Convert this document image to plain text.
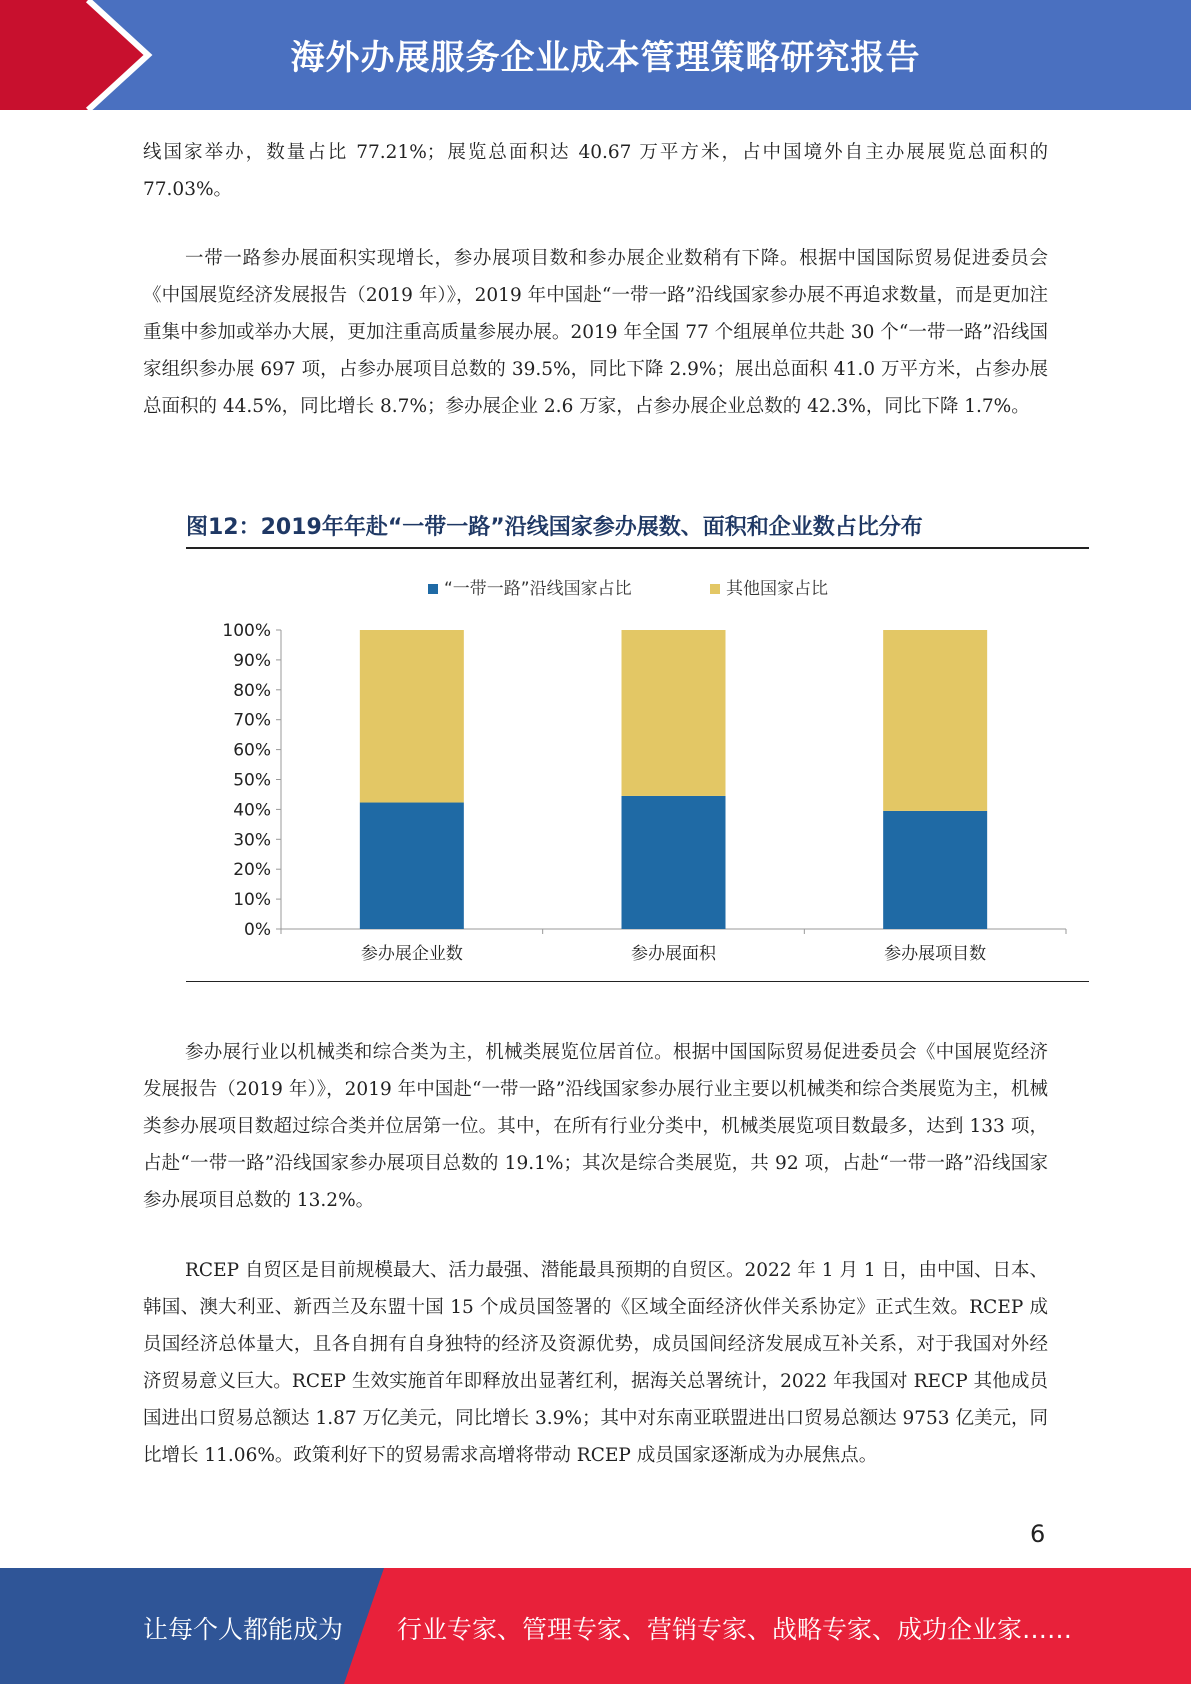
海外办展服务企业成本管理策略研究报告

线国家举办，数量占比 77.21%；展览总面积达 40.67 万平方米，占中国境外自主办展展览总面积的 77.03%。

一带一路参办展面积实现增长，参办展项目数和参办展企业数稍有下降。根据中国国际贸易促进委员会《中国展览经济发展报告（2019 年）》，2019 年中国赴“一带一路”沿线国家参办展不再追求数量，而是更加注重集中参加或举办大展，更加注重高质量参展办展。2019 年全国 77 个组展单位共赴 30 个“一带一路”沿线国家组织参办展 697 项，占参办展项目总数的 39.5%，同比下降 2.9%；展出总面积 41.0 万平方米，占参办展总面积的 44.5%，同比增长 8.7%；参办展企业 2.6 万家，占参办展企业总数的 42.3%，同比下降 1.7%。

图12：2019年年赴“一带一路”沿线国家参办展数、面积和企业数占比分布
“一带一路”沿线国家占比	其他国家占比
0%
10%
20%
30%
40%
50%
60%
70%
80%
90%
100%
参办展企业数	参办展面积	参办展项目数

参办展行业以机械类和综合类为主，机械类展览位居首位。根据中国国际贸易促进委员会《中国展览经济发展报告（2019 年）》，2019 年中国赴“一带一路”沿线国家参办展行业主要以机械类和综合类展览为主，机械类参办展项目数超过综合类并位居第一位。其中，在所有行业分类中，机械类展览项目数最多，达到 133 项，占赴“一带一路”沿线国家参办展项目总数的 19.1%；其次是综合类展览，共 92 项，占赴“一带一路”沿线国家参办展项目总数的 13.2%。

RCEP 自贸区是目前规模最大、活力最强、潜能最具预期的自贸区。2022 年 1 月 1 日，由中国、日本、韩国、澳大利亚、新西兰及东盟十国 15 个成员国签署的《区域全面经济伙伴关系协定》正式生效。RCEP 成员国经济总体量大，且各自拥有自身独特的经济及资源优势，成员国间经济发展成互补关系，对于我国对外经济贸易意义巨大。RCEP 生效实施首年即释放出显著红利，据海关总署统计，2022 年我国对 RECP 其他成员国进出口贸易总额达 1.87 万亿美元，同比增长 3.9%；其中对东南亚联盟进出口贸易总额达 9753 亿美元，同比增长 11.06%。政策利好下的贸易需求高增将带动 RCEP 成员国家逐渐成为办展焦点。

6
让每个人都能成为 行业专家、管理专家、营销专家、战略专家、成功企业家……
